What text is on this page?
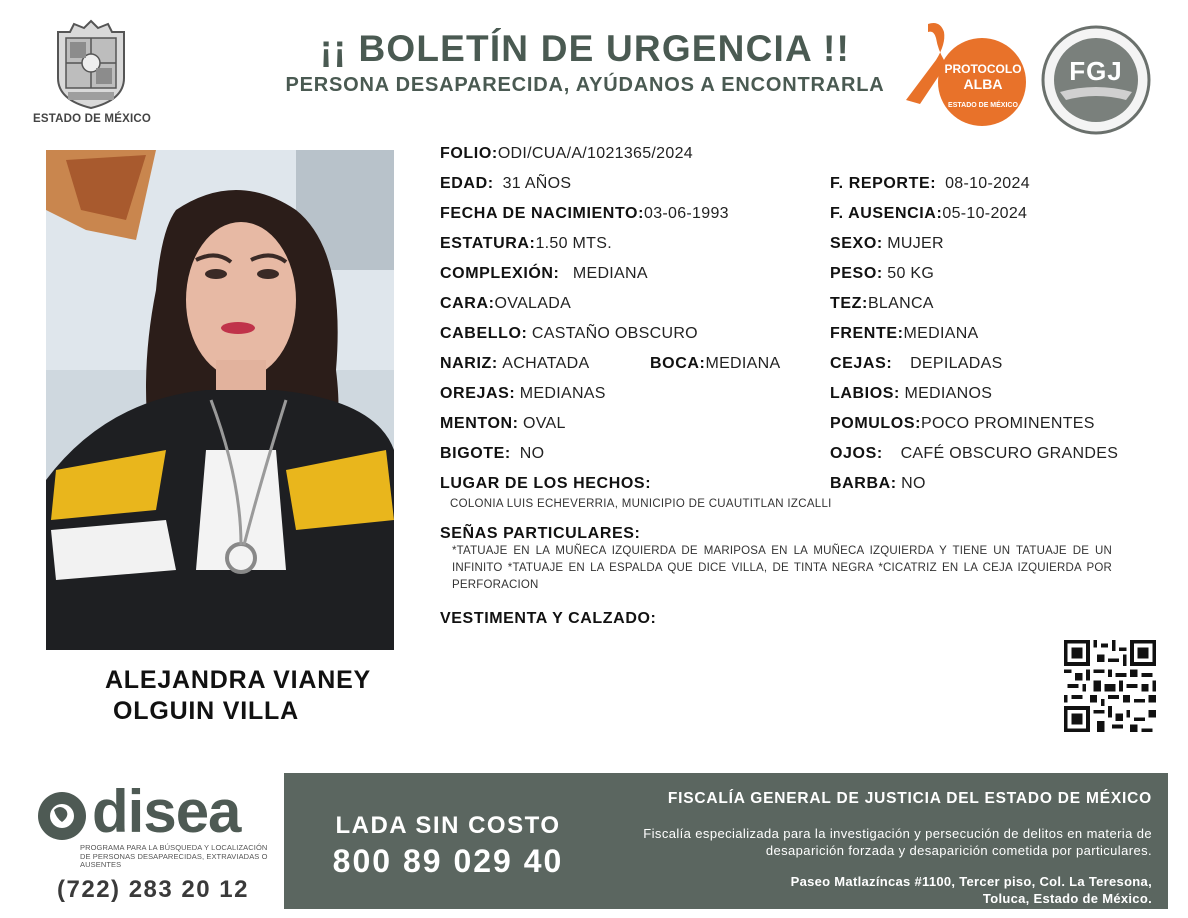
ESTADO DE MÉXICO
¡¡ BOLETÍN DE URGENCIA !!
PERSONA DESAPARECIDA, AYÚDANOS A ENCONTRARLA
PROTOCOLO
ALBA
ESTADO DE MÉXICO
FGJ
ALEJANDRA VIANEY
OLGUIN VILLA
FOLIO:ODI/CUA/A/1021365/2024
EDAD: 31 AÑOS
FECHA DE NACIMIENTO:03-06-1993
ESTATURA:1.50 MTS.
COMPLEXIÓN: MEDIANA
CARA:OVALADA
CABELLO: CASTAÑO OBSCURO
NARIZ: ACHATADA	BOCA:MEDIANA
OREJAS: MEDIANAS
MENTON: OVAL
BIGOTE: NO
LUGAR DE LOS HECHOS:
COLONIA LUIS ECHEVERRIA, MUNICIPIO DE CUAUTITLAN IZCALLI
F. REPORTE: 08-10-2024
F. AUSENCIA:05-10-2024
SEXO: MUJER
PESO: 50 KG
TEZ:BLANCA
FRENTE:MEDIANA
CEJAS: DEPILADAS
LABIOS: MEDIANOS
POMULOS:POCO PROMINENTES
OJOS: CAFÉ OBSCURO GRANDES
BARBA: NO
SEÑAS PARTICULARES:
*TATUAJE EN LA MUÑECA IZQUIERDA DE MARIPOSA EN LA MUÑECA IZQUIERDA Y TIENE UN TATUAJE DE UN INFINITO *TATUAJE EN LA ESPALDA QUE DICE VILLA, DE TINTA NEGRA *CICATRIZ EN LA CEJA IZQUIERDA POR PERFORACION
VESTIMENTA Y CALZADO:
disea
PROGRAMA PARA LA BÚSQUEDA Y LOCALIZACIÓN DE PERSONAS DESAPARECIDAS, EXTRAVIADAS O AUSENTES
(722) 283 20 12
LADA SIN COSTO
800 89 029 40
FISCALÍA GENERAL DE JUSTICIA DEL ESTADO DE MÉXICO
Fiscalía especializada para la investigación y persecución de delitos en materia de desaparición forzada y desaparición cometida por particulares.
Paseo Matlazíncas #1100, Tercer piso, Col. La Teresona,
Toluca, Estado de México.
